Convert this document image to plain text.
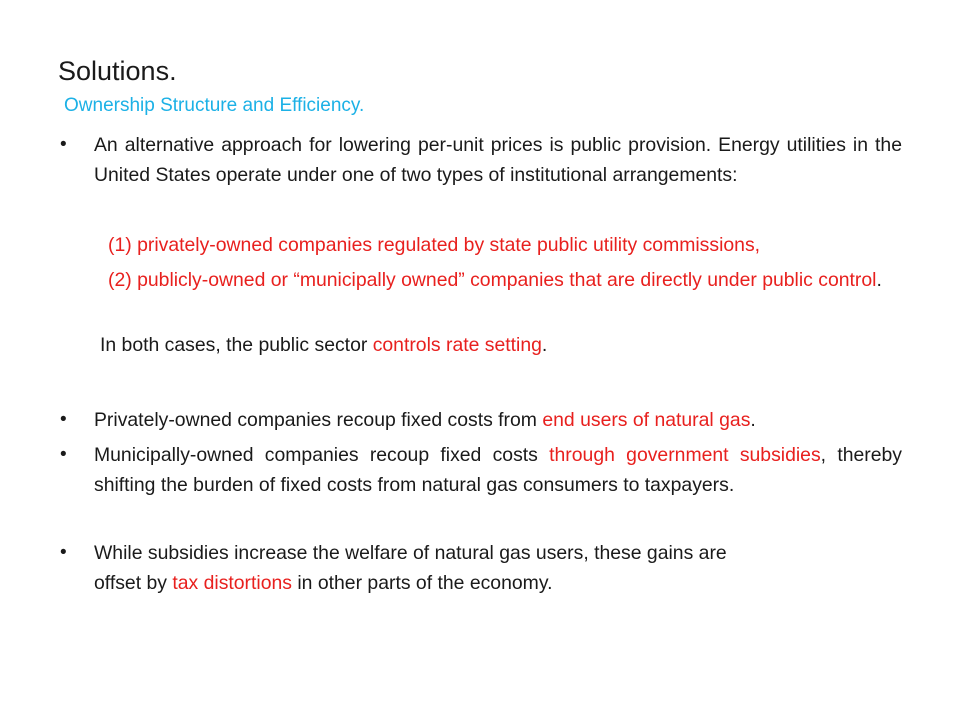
Solutions.
Ownership Structure and Efficiency.
•	An alternative approach for lowering per-unit prices is public provision. Energy utilities in the United States operate under one of two types of institutional arrangements:
(1) privately-owned companies regulated by state public utility commissions,
(2) publicly-owned or “municipally owned” companies that are directly under public control.
In both cases, the public sector controls rate setting.
•	Privately-owned companies recoup fixed costs from end users of natural gas.
•	Municipally-owned companies recoup fixed costs through government subsidies, thereby shifting the burden of fixed costs from natural gas consumers to taxpayers.
•	While subsidies increase the welfare of natural gas users, these gains are
offset by tax distortions in other parts of the economy.
